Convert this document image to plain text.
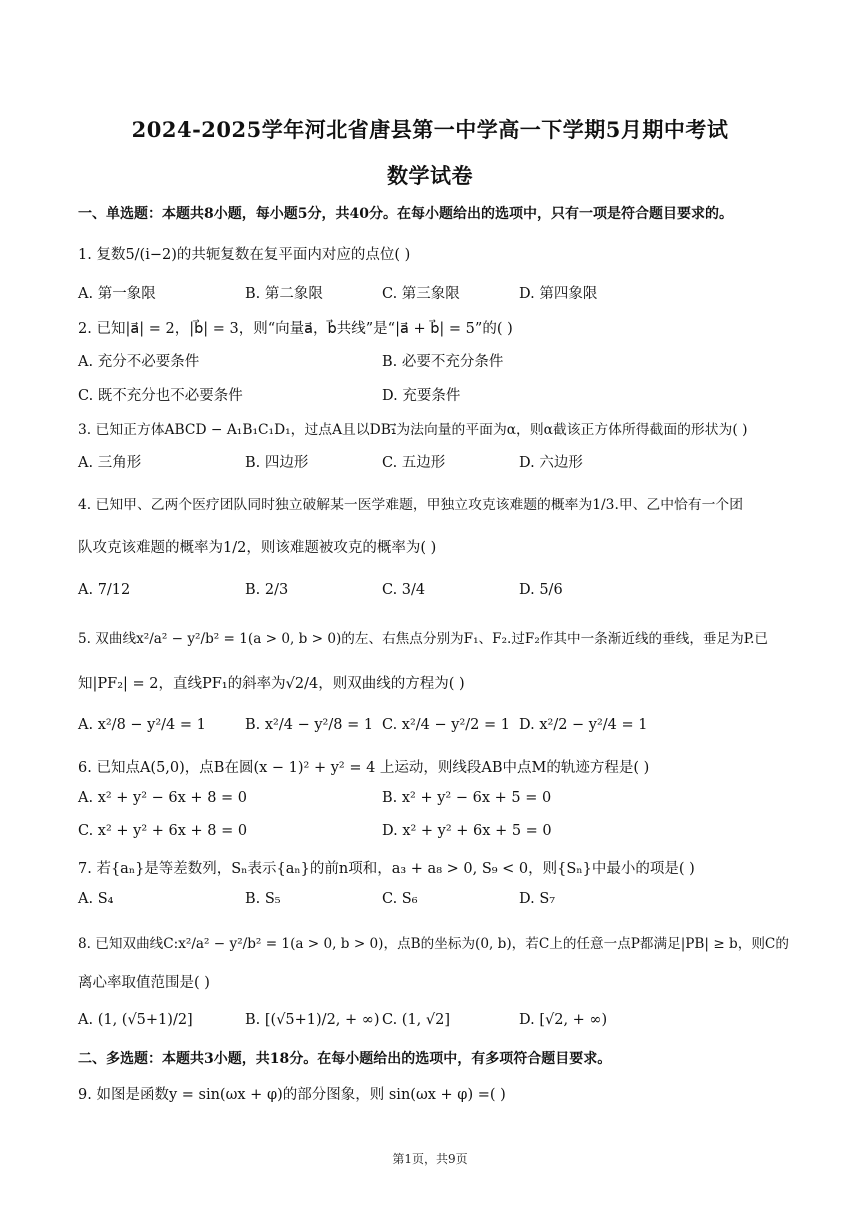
2024-2025学年河北省唐县第一中学高一下学期5月期中考试
数学试卷
一、单选题：本题共8小题，每小题5分，共40分。在每小题给出的选项中，只有一项是符合题目要求的。
1. 复数5/(i−2)的共轭复数在复平面内对应的点位( )
A. 第一象限	B. 第二象限	C. 第三象限	D. 第四象限
2. 已知|a⃗| = 2，|b⃗| = 3，则“向量a⃗，b⃗共线”是“|a⃗ + b⃗| = 5”的( )
A. 充分不必要条件	B. 必要不充分条件
C. 既不充分也不必要条件	D. 充要条件
3. 已知正方体ABCD − A₁B₁C₁D₁，过点A且以DB₁⃗为法向量的平面为α，则α截该正方体所得截面的形状为( )
A. 三角形	B. 四边形	C. 五边形	D. 六边形
4. 已知甲、乙两个医疗团队同时独立破解某一医学难题，甲独立攻克该难题的概率为1/3.甲、乙中恰有一个团
队攻克该难题的概率为1/2，则该难题被攻克的概率为( )
A. 7/12	B. 2/3	C. 3/4	D. 5/6
5. 双曲线x²/a² − y²/b² = 1(a > 0, b > 0)的左、右焦点分别为F₁、F₂.过F₂作其中一条渐近线的垂线，垂足为P.已
知|PF₂| = 2，直线PF₁的斜率为√2/4，则双曲线的方程为( )
A. x²/8 − y²/4 = 1	B. x²/4 − y²/8 = 1 C. x²/4 − y²/2 = 1 D. x²/2 − y²/4 = 1
6. 已知点A(5,0)，点B在圆(x − 1)² + y² = 4 上运动，则线段AB中点M的轨迹方程是( )
A. x² + y² − 6x + 8 = 0	B. x² + y² − 6x + 5 = 0
C. x² + y² + 6x + 8 = 0	D. x² + y² + 6x + 5 = 0
7. 若{aₙ}是等差数列，Sₙ表示{aₙ}的前n项和，a₃ + a₈ > 0, S₉ < 0，则{Sₙ}中最小的项是( )
A. S₄	B. S₅	C. S₆	D. S₇
8. 已知双曲线C:x²/a² − y²/b² = 1(a > 0, b > 0)，点B的坐标为(0, b)，若C上的任意一点P都满足|PB| ≥ b，则C的
离心率取值范围是( )
A. (1, (√5+1)/2]	B. [(√5+1)/2, + ∞) C. (1, √2]	D. [√2, + ∞)
二、多选题：本题共3小题，共18分。在每小题给出的选项中，有多项符合题目要求。
9. 如图是函数y = sin(ωx + φ)的部分图象，则 sin(ωx + φ) =( )
第1页，共9页
